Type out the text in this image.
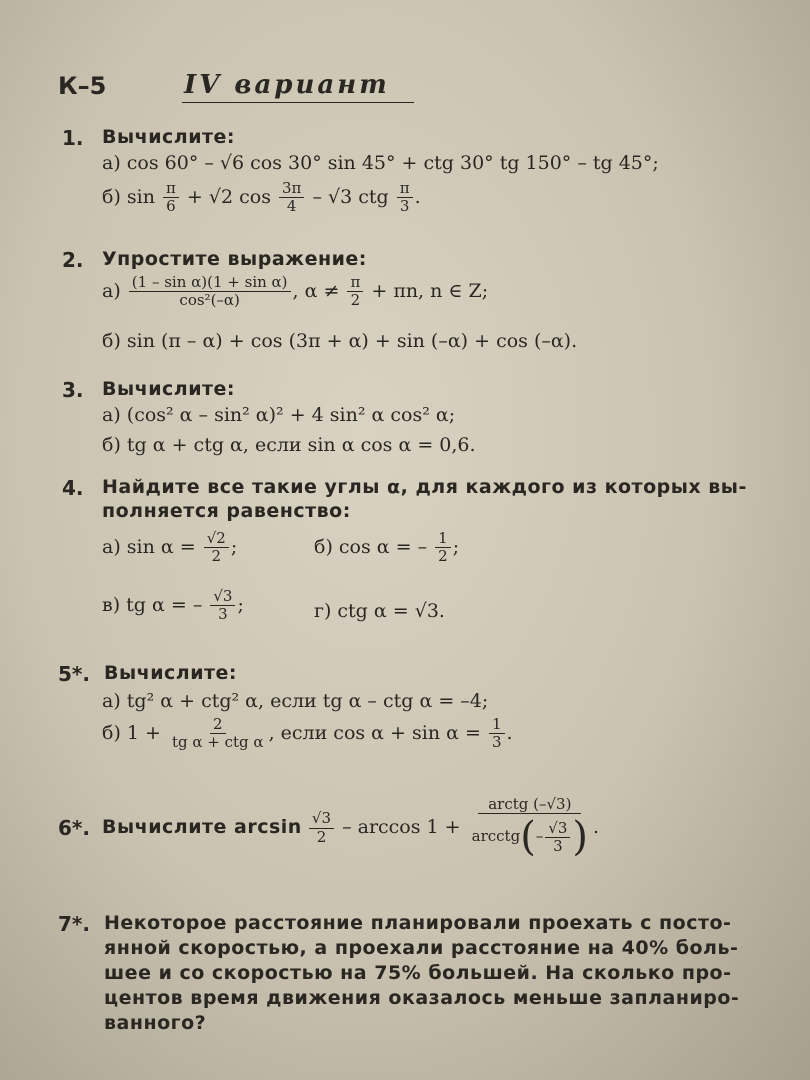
К–5	IV вариант
1. Вычислите:
а) cos 60° – √6 cos 30° sin 45° + ctg 30° tg 150° – tg 45°;
б) $\sin \frac{\pi}{6} + √2$ $\cos \frac{3\pi}{4} - √3$ ctg $\frac{\pi}{3}$ .
2. Упростите выражение:
$а) \frac{\text{(1 – sin α)(1 + sin α)}}{\text{cos²(–α)}}$ , $\alpha \ne \frac{\pi}{2} + \pi n$, n ∈ Z;
б) sin (π – α) + cos (3π + α) + sin (–α) + cos (–α).
3. Вычислите:
а) (cos² α – sin² α)² + 4 sin² α cos² α;
б) tg α + ctg α, если sin α cos α = 0,6.
4. Найдите все такие углы α, для каждого из которых вы-
полняется равенство:
а) $\sin \alpha = \frac{√2}{2}$ ;	б) cos α = – $\frac{1}{2}$ ;
в) tg α = – $\frac{√3}{3}$ ;	г) ctg α = √3.
5*. Вычислите:
а) tg² α + ctg² α, если tg α – ctg α = –4;
б) $1 + \frac{2}{\text{tg α + ctg α}}$ , если $\cos \alpha + \sin \alpha = \frac{1}{3}$ .
6*. Вычислите $\arcsin \frac{√3}{2} - \arccos 1 + \frac{\text{arctg (–√3)}}{arcctg(- \frac{√3}{3} )}$ .
7*. Некоторое расстояние планировали проехать с посто-
янной скоростью, а проехали расстояние на 40% боль-
шее и со скоростью на 75% большей. На сколько про-
центов время движения оказалось меньше запланиро-
ванного?
